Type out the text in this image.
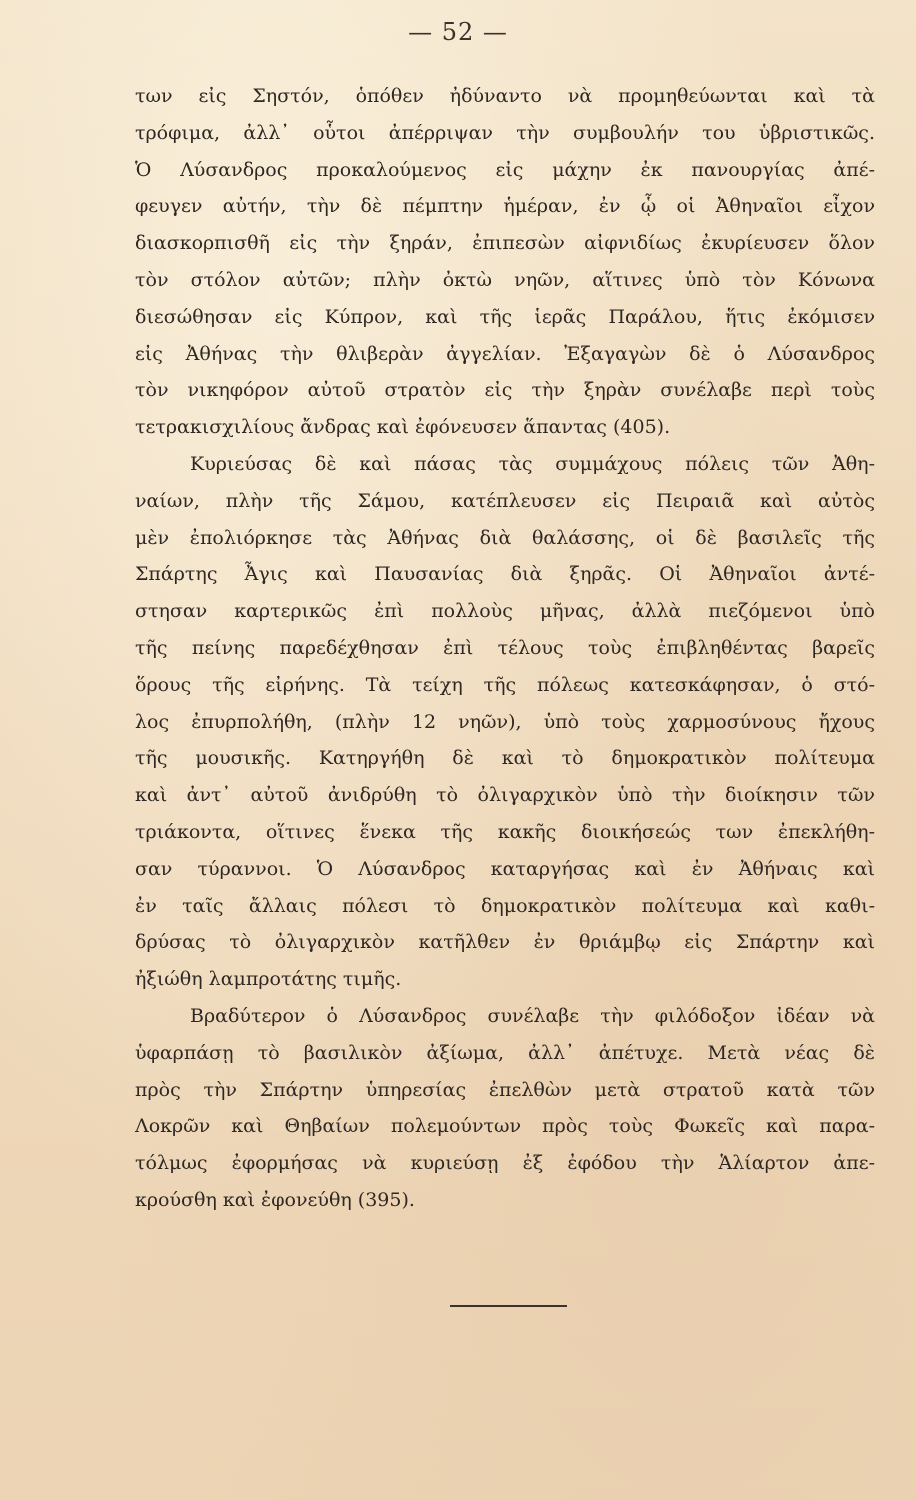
— 52 —
των εἰς Σηστόν, ὁπόθεν ἠδύναντο νὰ προμηθεύωνται καὶ τὰ
τρόφιμα, ἀλλ᾽ οὗτοι ἀπέρριψαν τὴν συμβουλήν του ὑβριστικῶς.
Ὁ Λύσανδρος προκαλούμενος εἰς μάχην ἐκ πανουργίας ἀπέ-
φευγεν αὐτήν, τὴν δὲ πέμπτην ἡμέραν, ἐν ᾧ οἱ Ἀθηναῖοι εἶχον
διασκορπισθῆ εἰς τὴν ξηράν, ἐπιπεσὼν αἰφνιδίως ἐκυρίευσεν ὅλον
τὸν στόλον αὐτῶν; πλὴν ὀκτὼ νηῶν, αἵτινες ὑπὸ τὸν Κόνωνα
διεσώθησαν εἰς Κύπρον, καὶ τῆς ἱερᾶς Παράλου, ἥτις ἐκόμισεν
εἰς Ἀθήνας τὴν θλιβερὰν ἀγγελίαν. Ἐξαγαγὼν δὲ ὁ Λύσανδρος
τὸν νικηφόρον αὐτοῦ στρατὸν εἰς τὴν ξηρὰν συνέλαβε περὶ τοὺς
τετρακισχιλίους ἄνδρας καὶ ἐφόνευσεν ἅπαντας (405).
Κυριεύσας δὲ καὶ πάσας τὰς συμμάχους πόλεις τῶν Ἀθη-
ναίων, πλὴν τῆς Σάμου, κατέπλευσεν εἰς Πειραιᾶ καὶ αὐτὸς
μὲν ἐπολιόρκησε τὰς Ἀθήνας διὰ θαλάσσης, οἱ δὲ βασιλεῖς τῆς
Σπάρτης Ἆγις καὶ Παυσανίας διὰ ξηρᾶς. Οἱ Ἀθηναῖοι ἀντέ-
στησαν καρτερικῶς ἐπὶ πολλοὺς μῆνας, ἀλλὰ πιεζόμενοι ὑπὸ
τῆς πείνης παρεδέχθησαν ἐπὶ τέλους τοὺς ἐπιβληθέντας βαρεῖς
ὅρους τῆς εἰρήνης. Τὰ τείχη τῆς πόλεως κατεσκάφησαν, ὁ στό-
λος ἐπυρπολήθη, (πλὴν 12 νηῶν), ὑπὸ τοὺς χαρμοσύνους ἤχους
τῆς μουσικῆς. Κατηργήθη δὲ καὶ τὸ δημοκρατικὸν πολίτευμα
καὶ ἀντ᾽ αὐτοῦ ἀνιδρύθη τὸ ὀλιγαρχικὸν ὑπὸ τὴν διοίκησιν τῶν
τριάκοντα, οἵτινες ἕνεκα τῆς κακῆς διοικήσεώς των ἐπεκλήθη-
σαν τύραννοι. Ὁ Λύσανδρος καταργήσας καὶ ἐν Ἀθήναις καὶ
ἐν ταῖς ἄλλαις πόλεσι τὸ δημοκρατικὸν πολίτευμα καὶ καθι-
δρύσας τὸ ὀλιγαρχικὸν κατῆλθεν ἐν θριάμβῳ εἰς Σπάρτην καὶ
ἠξιώθη λαμπροτάτης τιμῆς.
Βραδύτερον ὁ Λύσανδρος συνέλαβε τὴν φιλόδοξον ἰδέαν νὰ
ὑφαρπάσῃ τὸ βασιλικὸν ἀξίωμα, ἀλλ᾽ ἀπέτυχε. Μετὰ νέας δὲ
πρὸς τὴν Σπάρτην ὑπηρεσίας ἐπελθὼν μετὰ στρατοῦ κατὰ τῶν
Λοκρῶν καὶ Θηβαίων πολεμούντων πρὸς τοὺς Φωκεῖς καὶ παρα-
τόλμως ἐφορμήσας νὰ κυριεύσῃ ἐξ ἐφόδου τὴν Ἁλίαρτον ἀπε-
κρούσθη καὶ ἐφονεύθη (395).
